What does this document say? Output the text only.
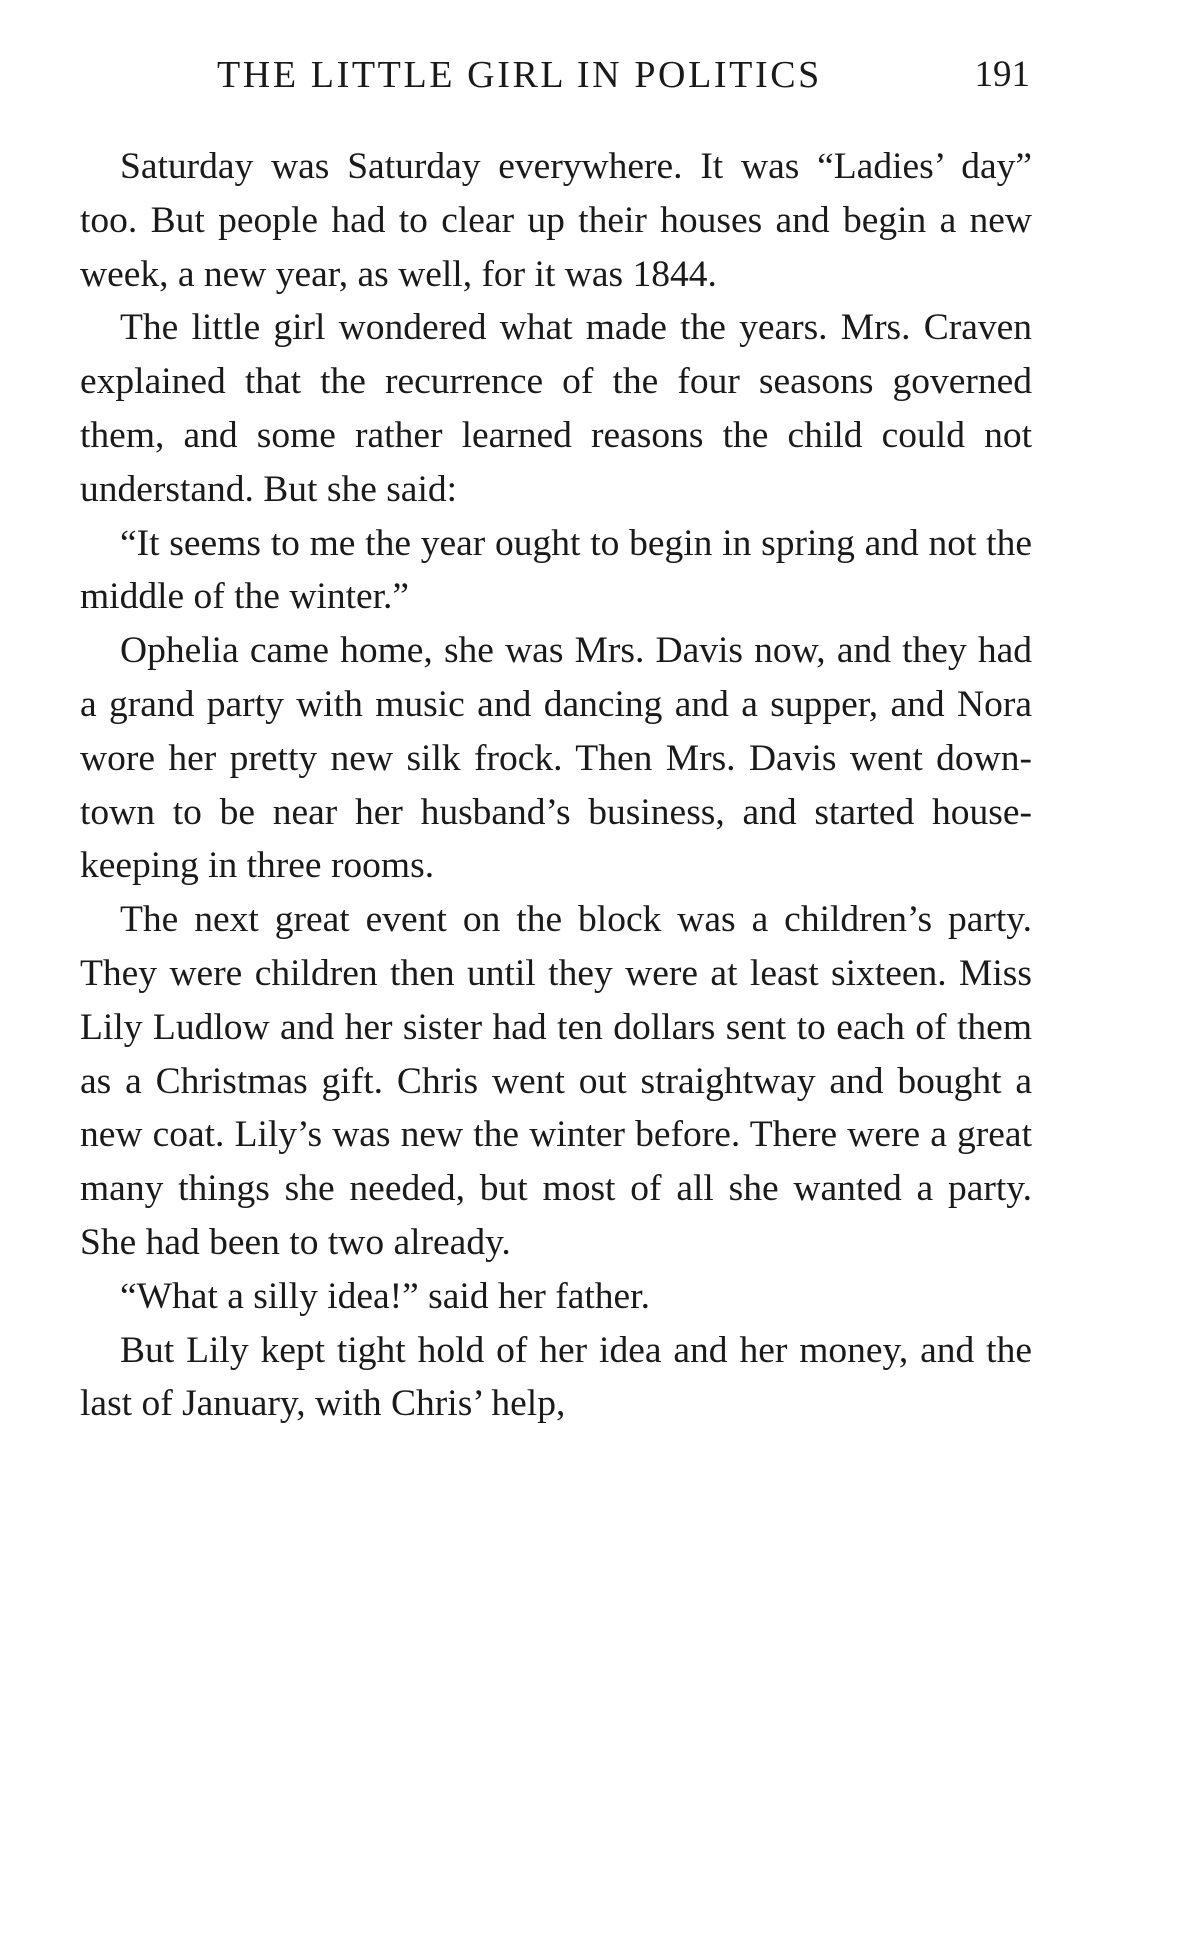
THE LITTLE GIRL IN POLITICS	191

Saturday was Saturday everywhere. It was “Ladies’ day” too. But people had to clear up their houses and begin a new week, a new year, as well, for it was 1844.

The little girl wondered what made the years. Mrs. Craven explained that the recurrence of the four seasons governed them, and some rather learned reasons the child could not understand. But she said:

“It seems to me the year ought to begin in spring and not the middle of the winter.”

Ophelia came home, she was Mrs. Davis now, and they had a grand party with music and dancing and a supper, and Nora wore her pretty new silk frock. Then Mrs. Davis went down-town to be near her husband’s business, and started housekeeping in three rooms.

The next great event on the block was a children’s party. They were children then until they were at least sixteen. Miss Lily Ludlow and her sister had ten dollars sent to each of them as a Christmas gift. Chris went out straightway and bought a new coat. Lily’s was new the winter before. There were a great many things she needed, but most of all she wanted a party. She had been to two already.

“What a silly idea!” said her father.

But Lily kept tight hold of her idea and her money, and the last of January, with Chris’ help,
